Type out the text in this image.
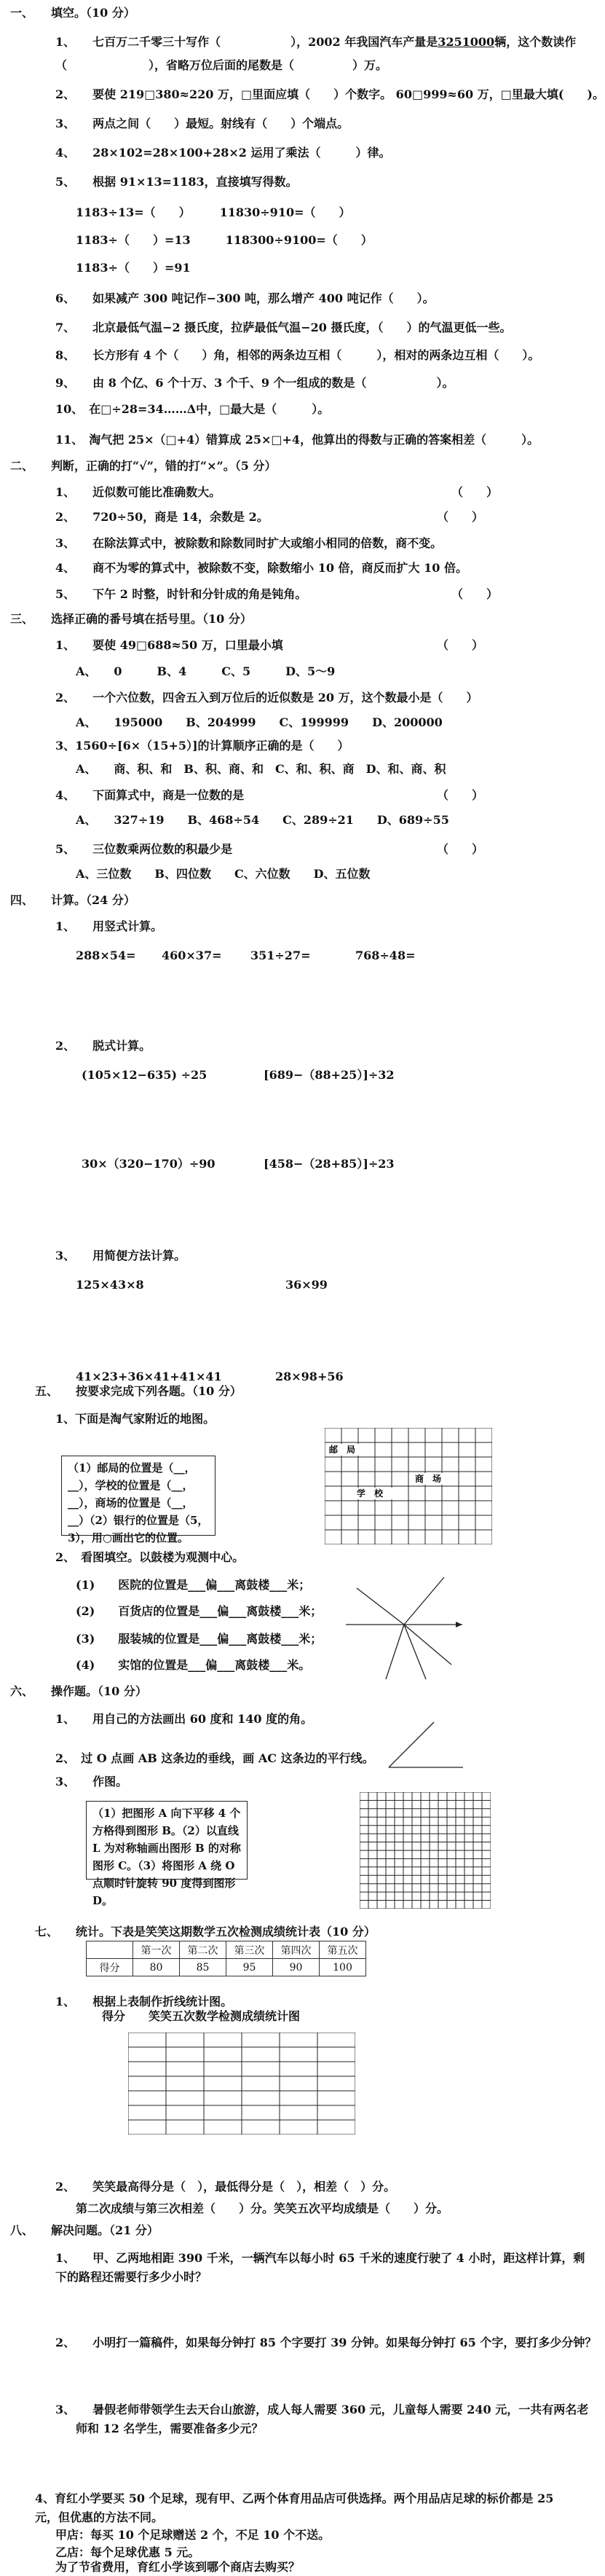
一、　　填空。（10 分）
1、　　七百万二千零三十写作（　　　　　　），2002 年我国汽车产量是3251000辆，这个数读作
（　　　　　　　），省略万位后面的尾数是（　　　　　）万。
2、　　要使 219□380≈220 万，□里面应填（　　）个数字。 60□999≈60 万，□里最大填(　　)。
3、　　两点之间（　　）最短。射线有（　　）个端点。
4、　　28×102=28×100+28×2 运用了乘法（　　　）律。
5、　　根据 91×13=1183，直接填写得数。
1183÷13=（　　）　　　11830÷910=（　　）
1183÷（　　）=13　　　118300÷9100=（　　）
1183÷（　　）=91
6、　　如果减产 300 吨记作−300 吨，那么增产 400 吨记作（　　）。
7、　　北京最低气温−2 摄氏度，拉萨最低气温−20 摄氏度，（　　）的气温更低一些。
8、　　长方形有 4 个（　　）角，相邻的两条边互相（　　　），相对的两条边互相（　　）。
9、　　由 8 个亿、6 个十万、3 个千、9 个一组成的数是（　　　　　　）。
10、　在□÷28=34……Δ中，□最大是（　　　）。
11、　淘气把 25×（□+4）错算成 25×□+4，他算出的得数与正确的答案相差（　　　）。
二、　　判断，正确的打“√”，错的打“×”。（5 分）
1、　　近似数可能比准确数大。	（　　）
2、　　720÷50，商是 14，余数是 2。	（　　）
3、　　在除法算式中，被除数和除数同时扩大或缩小相同的倍数，商不变。
4、　　商不为零的算式中，被除数不变，除数缩小 10 倍，商反而扩大 10 倍。
5、　　下午 2 时整，时针和分针成的角是钝角。	（　　）
三、　　选择正确的番号填在括号里。（10 分）
1、　　要使 49□688≈50 万，口里最小填	（　　）
A、　　0　　　B、4　　　C、5　　　D、5～9
2、　　一个六位数，四舍五入到万位后的近似数是 20 万，这个数最小是（　　）
A、　　195000　　B、204999　　C、199999　　D、200000
3、1560÷[6×（15+5）]的计算顺序正确的是（　　）
A、　　商、积、和　B、积、商、和　C、和、积、商　D、和、商、积
4、　　下面算式中，商是一位数的是	（　　）
A、　　327÷19　　B、468÷54　　C、289÷21　　D、689÷55
5、　　三位数乘两位数的积最少是	（　　）
A、三位数　　B、四位数　　C、六位数　　D、五位数
四、　　计算。（24 分）
1、　　用竖式计算。
288×54= 460×37= 351÷27=	768÷48=
2、　　脱式计算。
(105×12−635) ÷25	[689−（88+25）]÷32
30×（320−170）÷90	[458−（28+85）]÷23
3、　　用简便方法计算。
125×43×8	36×99
41×23+36×41+41×41	28×98+56
五、　　按要求完成下列各题。（10 分）
1、下面是淘气家附近的地图。
（1）邮局的位置是（__，__），学校的位置是（__，__），商场的位置是（__，__）（2）银行的位置是（5，3），用○画出它的位置。
邮　局
商　场
学　校
2、　看图填空。以鼓楼为观测中心。
(1)　　医院的位置是___偏___离鼓楼___米；
(2)　　百货店的位置是___偏___离鼓楼___米；
(3)　　服装城的位置是___偏___离鼓楼___米；
(4)　　实馆的位置是___偏___离鼓楼___米。
六、　　操作题。（10 分）
1、　　用自己的方法画出 60 度和 140 度的角。
2、　过 O 点画 AB 这条边的垂线，画 AC 这条边的平行线。
3、　　作图。
（1）把图形 A 向下平移 4 个方格得到图形 B。（2）以直线 L 为对称轴画出图形 B 的对称图形 C。（3）将图形 A 绕 O 点顺时针旋转 90 度得到图形 D。
七、　　统计。下表是笑笑这期数学五次检测成绩统计表（10 分）
	第一次	第二次	第三次	第四次	第五次
得分	80	85	95	90	100
1、　　根据上表制作折线统计图。
得分　　笑笑五次数学检测成绩统计图
2、　　笑笑最高得分是（　），最低得分是（　），相差（　）分。
第二次成绩与第三次相差（　　）分。笑笑五次平均成绩是（　　）分。
八、　　解决问题。（21 分）
1、　　甲、乙两地相距 390 千米，一辆汽车以每小时 65 千米的速度行驶了 4 小时，距这样计算，剩
下的路程还需要行多少小时？
2、　　小明打一篇稿件，如果每分钟打 85 个字要打 39 分钟。如果每分钟打 65 个字，要打多少分钟？
3、　　暑假老师带领学生去天台山旅游，成人每人需要 360 元，儿童每人需要 240 元，一共有两名老
师和 12 名学生，需要准备多少元？
4、育红小学要买 50 个足球，现有甲、乙两个体育用品店可供选择。两个用品店足球的标价都是 25
元，但优惠的方法不同。
甲店：每买 10 个足球赠送 2 个，不足 10 个不送。
乙店：每个足球优惠 5 元。
为了节省费用，育红小学该到哪个商店去购买？
